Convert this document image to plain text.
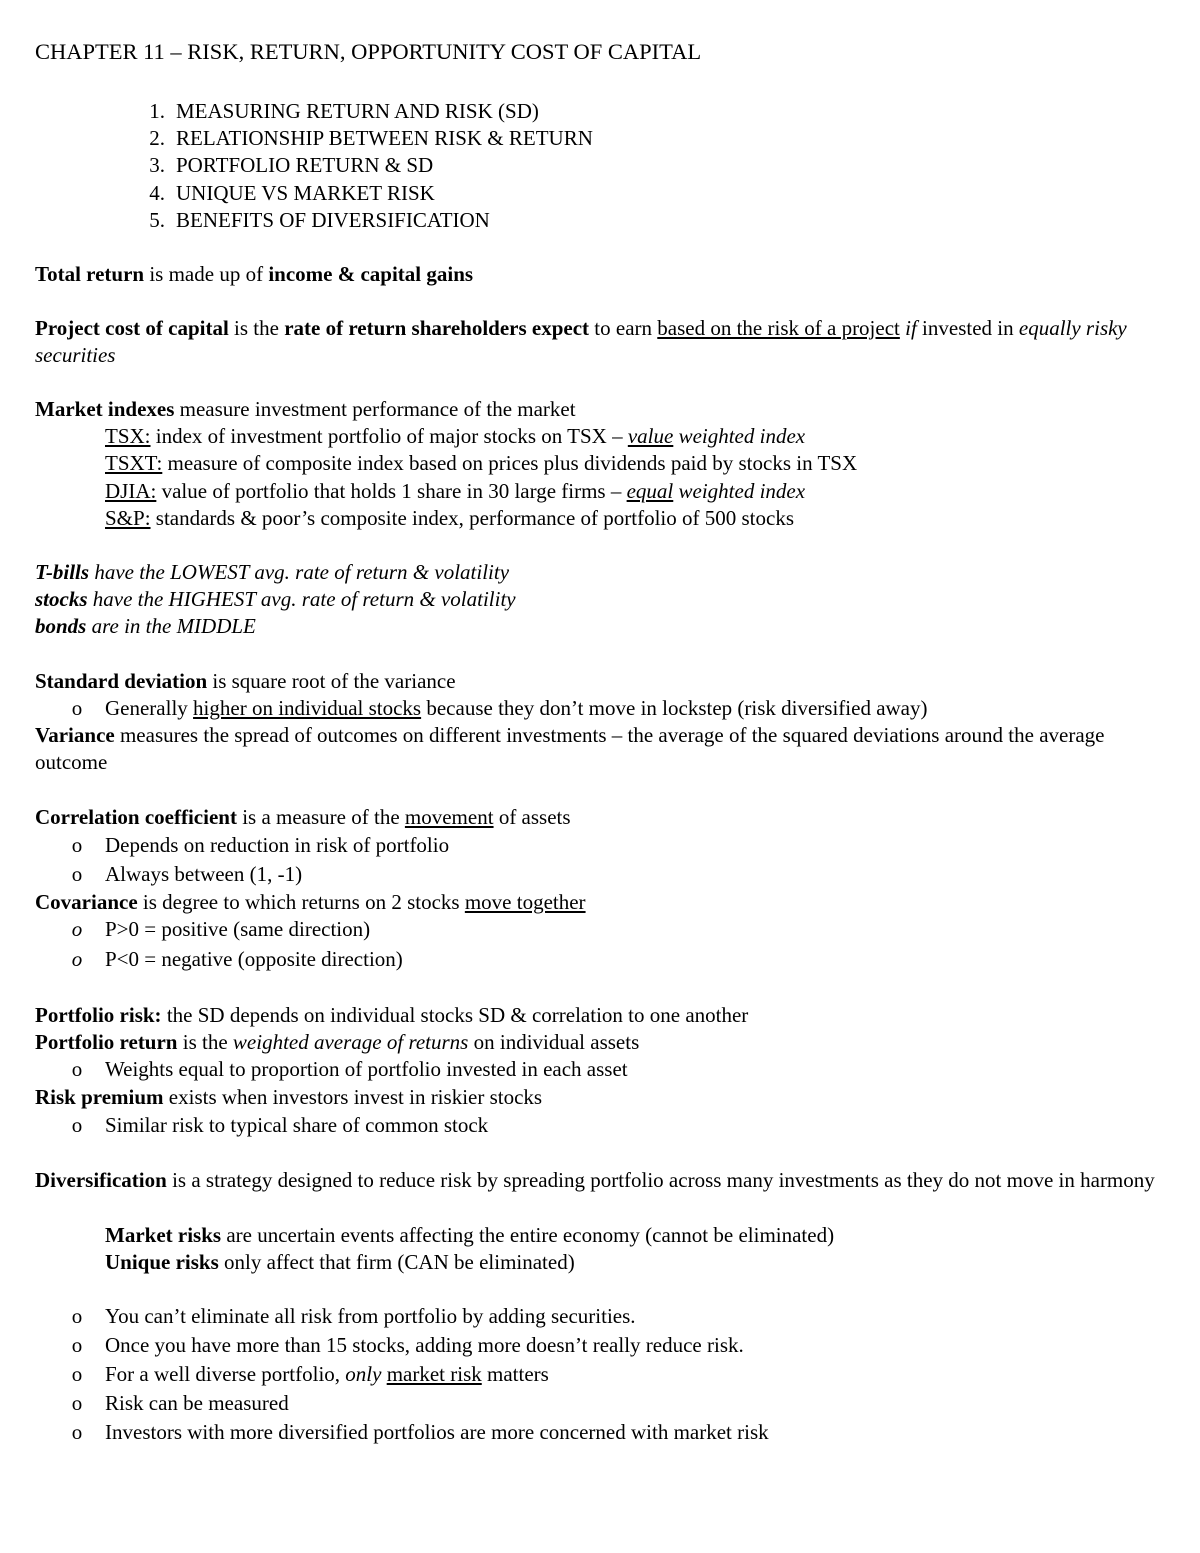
CHAPTER 11 – RISK, RETURN, OPPORTUNITY COST OF CAPITAL
1. MEASURING RETURN AND RISK (SD)
2. RELATIONSHIP BETWEEN RISK & RETURN
3. PORTFOLIO RETURN & SD
4. UNIQUE VS MARKET RISK
5. BENEFITS OF DIVERSIFICATION
Total return is made up of income & capital gains
Project cost of capital is the rate of return shareholders expect to earn based on the risk of a project if invested in equally risky securities
Market indexes measure investment performance of the market
TSX: index of investment portfolio of major stocks on TSX – value weighted index
TSXT: measure of composite index based on prices plus dividends paid by stocks in TSX
DJIA: value of portfolio that holds 1 share in 30 large firms – equal weighted index
S&P: standards & poor’s composite index, performance of portfolio of 500 stocks
T-bills have the LOWEST avg. rate of return & volatility
stocks have the HIGHEST avg. rate of return & volatility
bonds are in the MIDDLE
Standard deviation is square root of the variance
o Generally higher on individual stocks because they don’t move in lockstep (risk diversified away)
Variance measures the spread of outcomes on different investments – the average of the squared deviations around the average outcome
Correlation coefficient is a measure of the movement of assets
o Depends on reduction in risk of portfolio
o Always between (1, -1)
Covariance is degree to which returns on 2 stocks move together
o P>0 = positive (same direction)
o P<0 = negative (opposite direction)
Portfolio risk: the SD depends on individual stocks SD & correlation to one another
Portfolio return is the weighted average of returns on individual assets
o Weights equal to proportion of portfolio invested in each asset
Risk premium exists when investors invest in riskier stocks
o Similar risk to typical share of common stock
Diversification is a strategy designed to reduce risk by spreading portfolio across many investments as they do not move in harmony
Market risks are uncertain events affecting the entire economy (cannot be eliminated)
Unique risks only affect that firm (CAN be eliminated)
o You can’t eliminate all risk from portfolio by adding securities.
o Once you have more than 15 stocks, adding more doesn’t really reduce risk.
o For a well diverse portfolio, only market risk matters
o Risk can be measured
o Investors with more diversified portfolios are more concerned with market risk
